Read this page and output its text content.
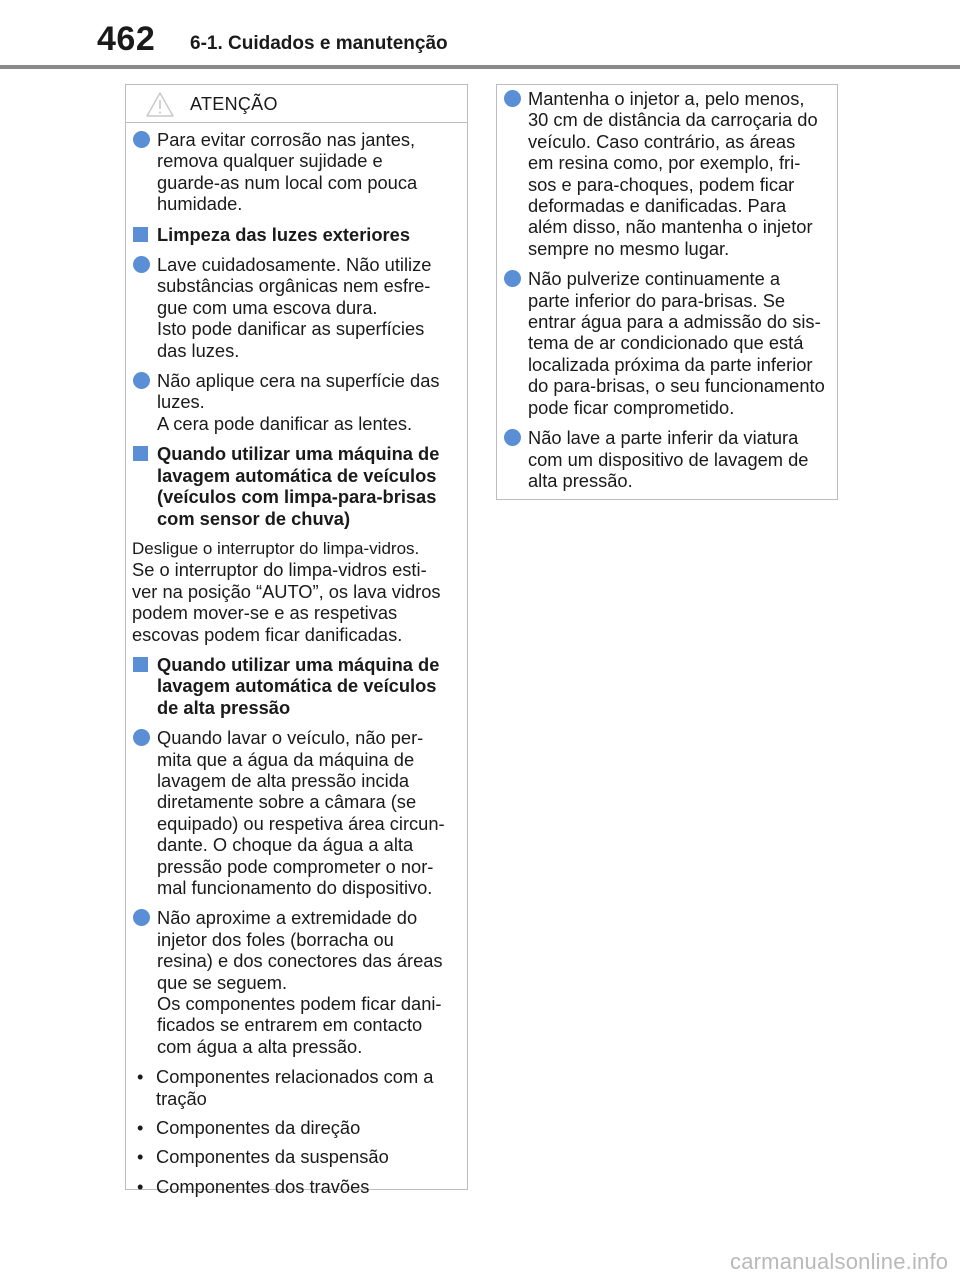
462 6-1. Cuidados e manutenção
ATENÇÃO
Para evitar corrosão nas jantes,
remova qualquer sujidade e
guarde-as num local com pouca
humidade.
Limpeza das luzes exteriores
Lave cuidadosamente. Não utilize
substâncias orgânicas nem esfre-
gue com uma escova dura.
Isto pode danificar as superfícies
das luzes.
Não aplique cera na superfície das
luzes.
A cera pode danificar as lentes.
Quando utilizar uma máquina de
lavagem automática de veículos
(veículos com limpa-para-brisas
com sensor de chuva)
Desligue o interruptor do limpa-vidros.
Se o interruptor do limpa-vidros esti-
ver na posição “AUTO”, os lava vidros
podem mover-se e as respetivas
escovas podem ficar danificadas.
Quando utilizar uma máquina de
lavagem automática de veículos
de alta pressão
Quando lavar o veículo, não per-
mita que a água da máquina de
lavagem de alta pressão incida
diretamente sobre a câmara (se
equipado) ou respetiva área circun-
dante. O choque da água a alta
pressão pode comprometer o nor-
mal funcionamento do dispositivo.
Não aproxime a extremidade do
injetor dos foles (borracha ou
resina) e dos conectores das áreas
que se seguem.
Os componentes podem ficar dani-
ficados se entrarem em contacto
com água a alta pressão.
• Componentes relacionados com a
tração
• Componentes da direção
• Componentes da suspensão
• Componentes dos travões
Mantenha o injetor a, pelo menos,
30 cm de distância da carroçaria do
veículo. Caso contrário, as áreas
em resina como, por exemplo, fri-
sos e para-choques, podem ficar
deformadas e danificadas. Para
além disso, não mantenha o injetor
sempre no mesmo lugar.
Não pulverize continuamente a
parte inferior do para-brisas. Se
entrar água para a admissão do sis-
tema de ar condicionado que está
localizada próxima da parte inferior
do para-brisas, o seu funcionamento
pode ficar comprometido.
Não lave a parte inferir da viatura
com um dispositivo de lavagem de
alta pressão.
carmanualsonline.info
